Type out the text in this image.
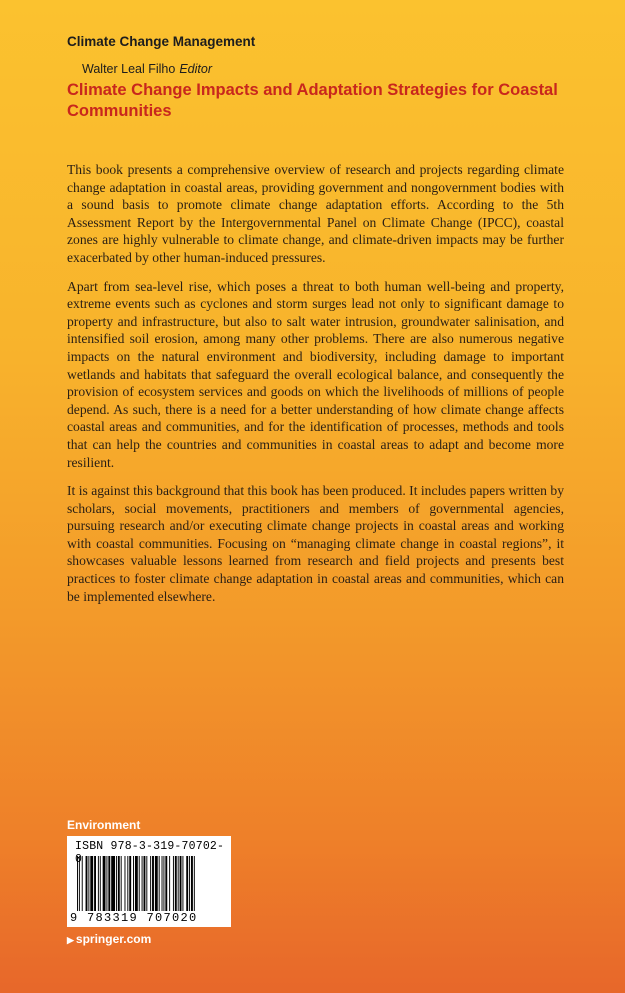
Climate Change Management
Walter Leal Filho Editor
Climate Change Impacts and Adaptation Strategies for Coastal Communities

This book presents a comprehensive overview of research and projects regarding climate change adaptation in coastal areas, providing government and nongovernment bodies with a sound basis to promote climate change adaptation efforts. According to the 5th Assessment Report by the Intergovernmental Panel on Climate Change (IPCC), coastal zones are highly vulnerable to climate change, and climate-driven impacts may be further exacerbated by other human-induced pressures.

Apart from sea-level rise, which poses a threat to both human well-being and property, extreme events such as cyclones and storm surges lead not only to significant damage to property and infrastructure, but also to salt water intrusion, groundwater salinisation, and intensified soil erosion, among many other problems. There are also numerous negative impacts on the natural environment and biodiversity, including damage to important wetlands and habitats that safeguard the overall ecological balance, and consequently the provision of ecosystem services and goods on which the livelihoods of millions of people depend. As such, there is a need for a better understanding of how climate change affects coastal areas and communities, and for the identification of processes, methods and tools that can help the countries and communities in coastal areas to adapt and become more resilient.

It is against this background that this book has been produced. It includes papers written by scholars, social movements, practitioners and members of governmental agencies, pursuing research and/or executing climate change projects in coastal areas and working with coastal communities. Focusing on “managing climate change in coastal regions”, it showcases valuable lessons learned from research and field projects and presents best practices to foster climate change adaptation in coastal areas and communities, which can be implemented elsewhere.

Environment
ISBN 978-3-319-70702-0
9 783319 707020
▶ springer.com
